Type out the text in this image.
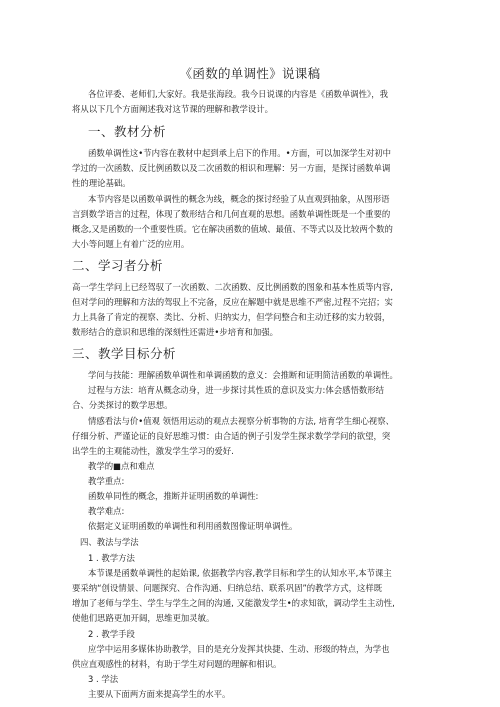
《函数的单调性》说课稿
各位评委、老师们,大家好。我是张海段。我今日说课的内容是《函数单调性》，我
将从以下几个方面阐述我对这节课的理解和教学设计。
一、教材分析
函数单调性这•节内容在教材中起到承上启下的作用。•方面，可以加深学生对初中
学过的一次函数、反比例函数以及二次函数的相识和理解：另一方面，是探讨函数单调
性的理论基础。
本节内容是以函数单调性的概念为线，概念的探讨经验了从直观到抽象，从图形语
言到数学语言的过程，体现了数形结合和几何直观的思想。函数单调性既是一个重要的
概念,又是函数的一个重要性质。它在解决函数的值域、最值、不等式以及比较两个数的
大小等问题上有着广泛的应用。
二、学习者分析
高一学生学问上已经驾驭了一次函数、二次函数、反比例函数的图象和基本性质等内容,
但对学问的理解和方法的驾驭上不完备，反应在解题中就是思维不严密,过程不完招；实
力上具备了肯定的视察、类比、分析、归纳实力，但学问整合和主动迁移的实力较弱，
数形结合的意识和思维的深刻性还需进•步培育和加强。
三、教学目标分析
学问与技能：理解函数单调性和单调函数的意义：会推断和证明简洁函数的单调性。
过程与方法：培育从概念动身，进一步探讨其性质的意识及实力:体会感悟数形结
合、分类探讨的数学思想。
情感看法与价•值观 领悟用运动的观点去视察分析事物的方法, 培育学生细心视察、
仔细分析、严谨论证的良好思维习惯：由合适的例子引发学生探求数学学问的欲望，突
出学生的主观能动性，激发学生学习的爱好.
教学的■点和难点
教学重点:
函数单同性的概念，推断并证明函数的单调性:
教学难点:
依据定义证明函数的单调性和利用函数图像证明单调性。
四、教法与学法
1 . 教学方法
本节课是函数单调性的起始课, 依据教学内容,教学目标和学生的认知水平,本节课主
要采纳“创设情景、问题探究、合作沟通、归纳总结、联系巩固”的教学方式，这样既
增加了老师与学生、学生与学生之间的沟通, 又能激发学生•的求知欲，调动学生主动性,
使他们思路更加开阔，思维更加灵敏。
2 . 教学手段
应学中运用多媒体协助教学，目的是充分发挥其快捷、生动、形级的特点，为学也
供应直观感性的材料，有助于学生对问题的理解和相识。
3 . 学法
主要从下面两方面来提高学生的水平。
